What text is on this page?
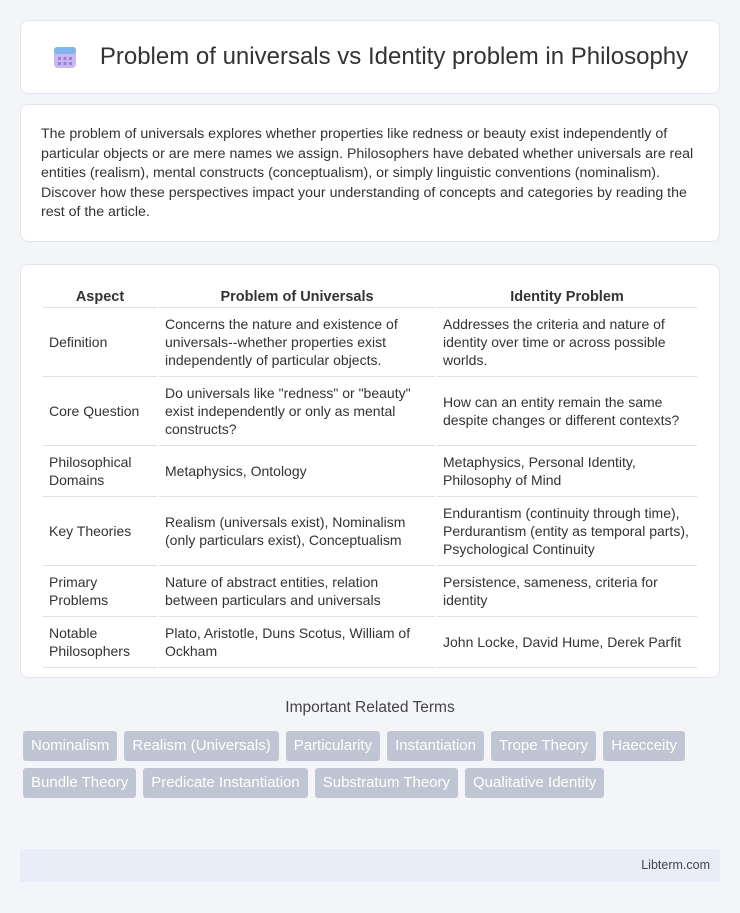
Problem of universals vs Identity problem in Philosophy

The problem of universals explores whether properties like redness or beauty exist independently of particular objects or are mere names we assign. Philosophers have debated whether universals are real entities (realism), mental constructs (conceptualism), or simply linguistic conventions (nominalism). Discover how these perspectives impact your understanding of concepts and categories by reading the rest of the article.

Aspect	Problem of Universals	Identity Problem
Definition	Concerns the nature and existence of universals--whether properties exist independently of particular objects.	Addresses the criteria and nature of identity over time or across possible worlds.
Core Question	Do universals like "redness" or "beauty" exist independently or only as mental constructs?	How can an entity remain the same despite changes or different contexts?
Philosophical Domains	Metaphysics, Ontology	Metaphysics, Personal Identity, Philosophy of Mind
Key Theories	Realism (universals exist), Nominalism (only particulars exist), Conceptualism	Endurantism (continuity through time), Perdurantism (entity as temporal parts), Psychological Continuity
Primary Problems	Nature of abstract entities, relation between particulars and universals	Persistence, sameness, criteria for identity
Notable Philosophers	Plato, Aristotle, Duns Scotus, William of Ockham	John Locke, David Hume, Derek Parfit
Important Related Terms
Nominalism	Realism (Universals)	Particularity	Instantiation	Trope Theory	Haecceity
Bundle Theory	Predicate Instantiation	Substratum Theory	Qualitative Identity
Libterm.com
